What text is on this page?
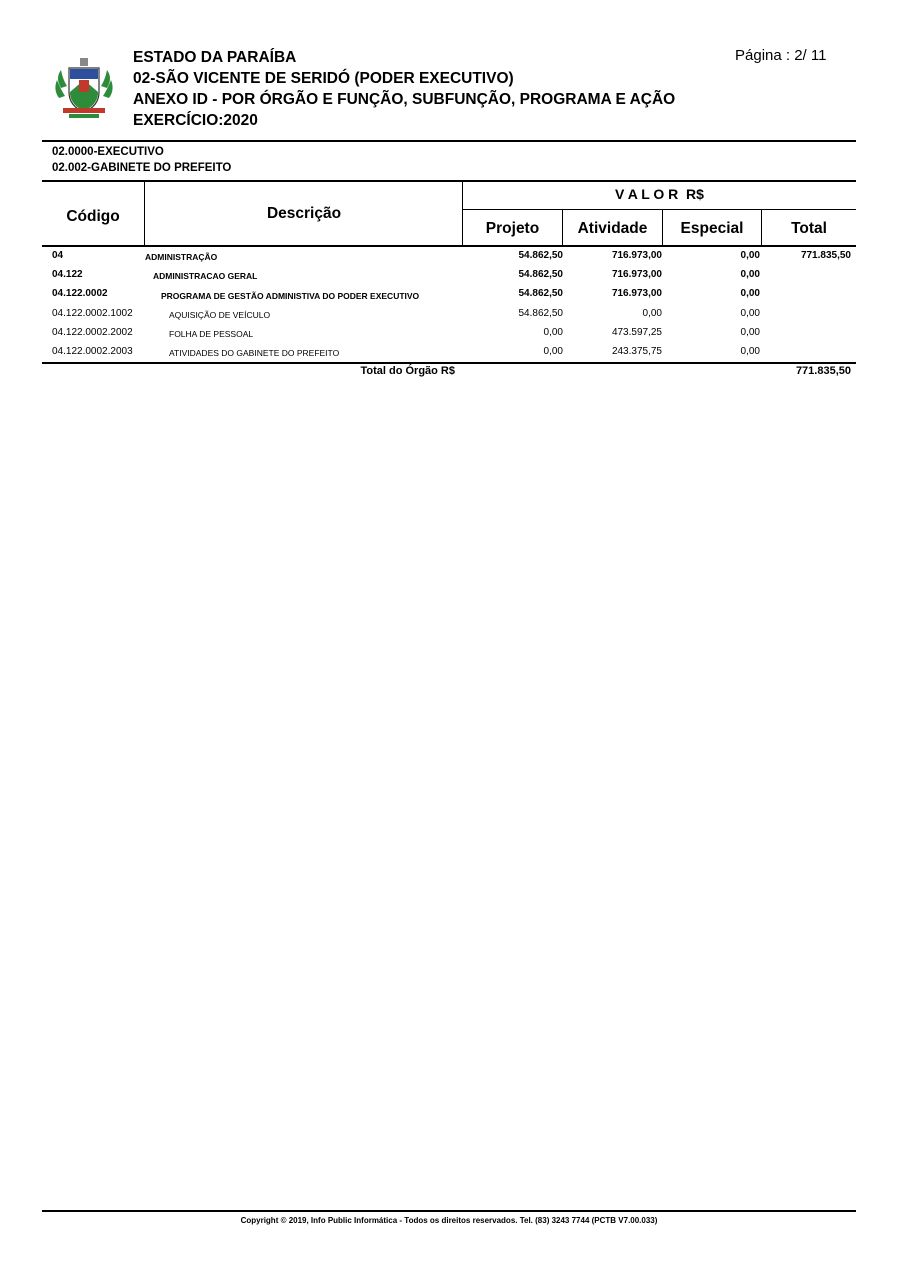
ESTADO DA PARAÍBA
02-SÃO VICENTE DE SERIDÓ (PODER EXECUTIVO)
ANEXO ID - POR ÓRGÃO E FUNÇÃO, SUBFUNÇÃO, PROGRAMA E AÇÃO
EXERCÍCIO:2020
Página : 2/ 11
02.0000-EXECUTIVO
02.002-GABINETE DO PREFEITO
Código	Descrição
V A L O R  R$
Projeto	Atividade	Especial	Total
04	ADMINISTRAÇÃO	54.862,50	716.973,00	0,00	771.835,50
04.122	ADMINISTRACAO GERAL	54.862,50	716.973,00	0,00
04.122.0002	PROGRAMA DE GESTÃO ADMINISTIVA DO PODER EXECUTIVO	54.862,50	716.973,00	0,00
04.122.0002.1002	AQUISIÇÃO DE VEÍCULO	54.862,50	0,00	0,00
04.122.0002.2002	FOLHA DE PESSOAL	0,00	473.597,25	0,00
04.122.0002.2003	ATIVIDADES DO GABINETE DO PREFEITO	0,00	243.375,75	0,00
Total do Órgão R$	771.835,50
Copyright © 2019, Info Public Informática - Todos os direitos reservados. Tel. (83) 3243 7744 (PCTB V7.00.033)
